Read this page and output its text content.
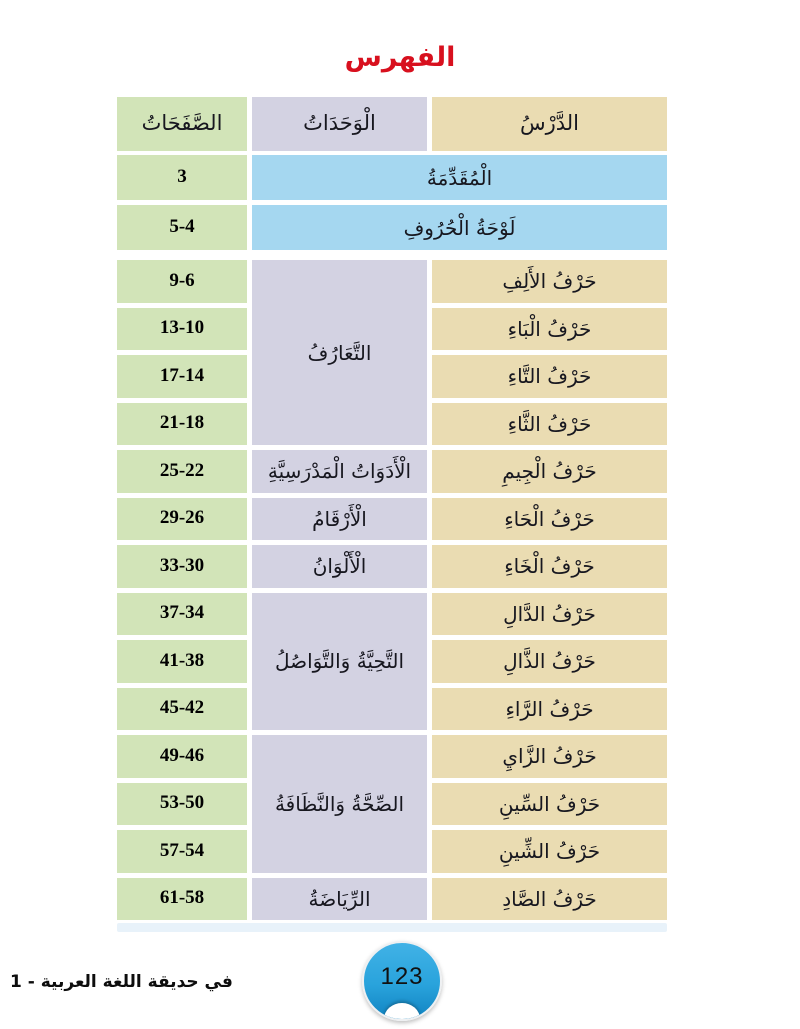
الفهرس
الدَّرْسُ
الْوَحَدَاتُ
الصَّفَحَاتُ
الْمُقَدِّمَةُ
3
لَوْحَةُ الْحُرُوفِ
5-4
حَرْفُ الأَلِفِ
حَرْفُ الْبَاءِ
حَرْفُ التَّاءِ
حَرْفُ الثَّاءِ
حَرْفُ الْجِيمِ
حَرْفُ الْحَاءِ
حَرْفُ الْخَاءِ
حَرْفُ الدَّالِ
حَرْفُ الذَّالِ
حَرْفُ الرَّاءِ
حَرْفُ الزَّايِ
حَرْفُ السِّينِ
حَرْفُ الشِّينِ
حَرْفُ الصَّادِ
التَّعَارُفُ
الْأَدَوَاتُ الْمَدْرَسِيَّةِ
الْأَرْقَامُ
الْأَلْوَانُ
التَّحِيَّةُ وَالتَّوَاصُلُ
الصِّحَّةُ وَالنَّظَافَةُ
الرِّيَاضَةُ
9-6
13-10
17-14
21-18
25-22
29-26
33-30
37-34
41-38
45-42
49-46
53-50
57-54
61-58
123
في حديقة اللغة العربية - 1
